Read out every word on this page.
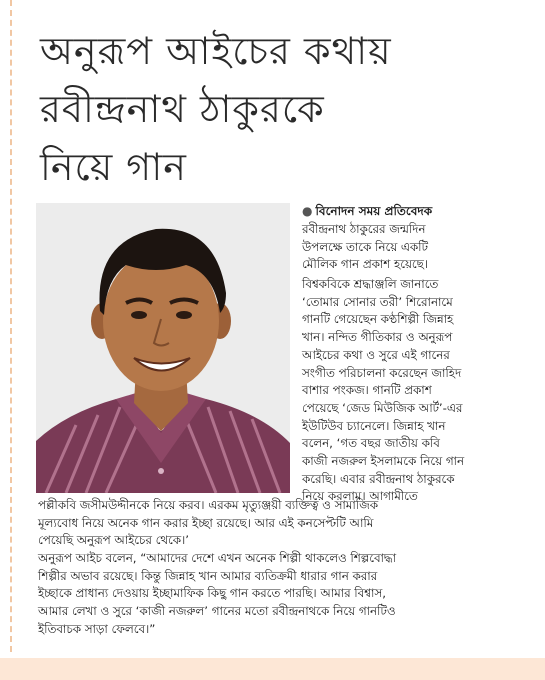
অনুরূপ আইচের কথায়
রবীন্দ্রনাথ ঠাকুরকে
নিয়ে গান
● বিনোদন সময় প্রতিবেদক
রবীন্দ্রনাথ ঠাকুরের জন্মদিন
উপলক্ষে তাকে নিয়ে একটি
মৌলিক গান প্রকাশ হয়েছে।
বিশ্বকবিকে শ্রদ্ধাঞ্জলি জানাতে
‘তোমার সোনার তরী’ শিরোনামে
গানটি গেয়েছেন কণ্ঠশিল্পী জিন্নাহ
খান। নন্দিত গীতিকার ও অনুরূপ
আইচের কথা ও সুরে এই গানের
সংগীত পরিচালনা করেছেন জাহিদ
বাশার পংকজ। গানটি প্রকাশ
পেয়েছে ‘জেড মিউজিক আর্ট’-এর
ইউটিউব চ্যানেলে। জিন্নাহ খান
বলেন, ‘গত বছর জাতীয় কবি
কাজী নজরুল ইসলামকে নিয়ে গান
করেছি। এবার রবীন্দ্রনাথ ঠাকুরকে
নিয়ে করলাম। আগামীতে
পল্লীকবি জসীমউদ্দীনকে নিয়ে করব। এরকম মৃত্যুঞ্জয়ী ব্যক্তিত্ব ও সামাজিক
মূল্যবোধ নিয়ে অনেক গান করার ইচ্ছা রয়েছে। আর এই কনসেপ্টটি আমি
পেয়েছি অনুরূপ আইচের থেকে।’
অনুরূপ আইচ বলেন, “আমাদের দেশে এখন অনেক শিল্পী থাকলেও শিল্পবোদ্ধা
শিল্পীর অভাব রয়েছে। কিন্তু জিন্নাহ খান আমার ব্যতিক্রমী ধারার গান করার
ইচ্ছাকে প্রাধান্য দেওয়ায় ইচ্ছামাফিক কিছু গান করতে পারছি। আমার বিশ্বাস,
আমার লেখা ও সুরে ‘কাজী নজরুল’ গানের মতো রবীন্দ্রনাথকে নিয়ে গানটিও
ইতিবাচক সাড়া ফেলবে।”
